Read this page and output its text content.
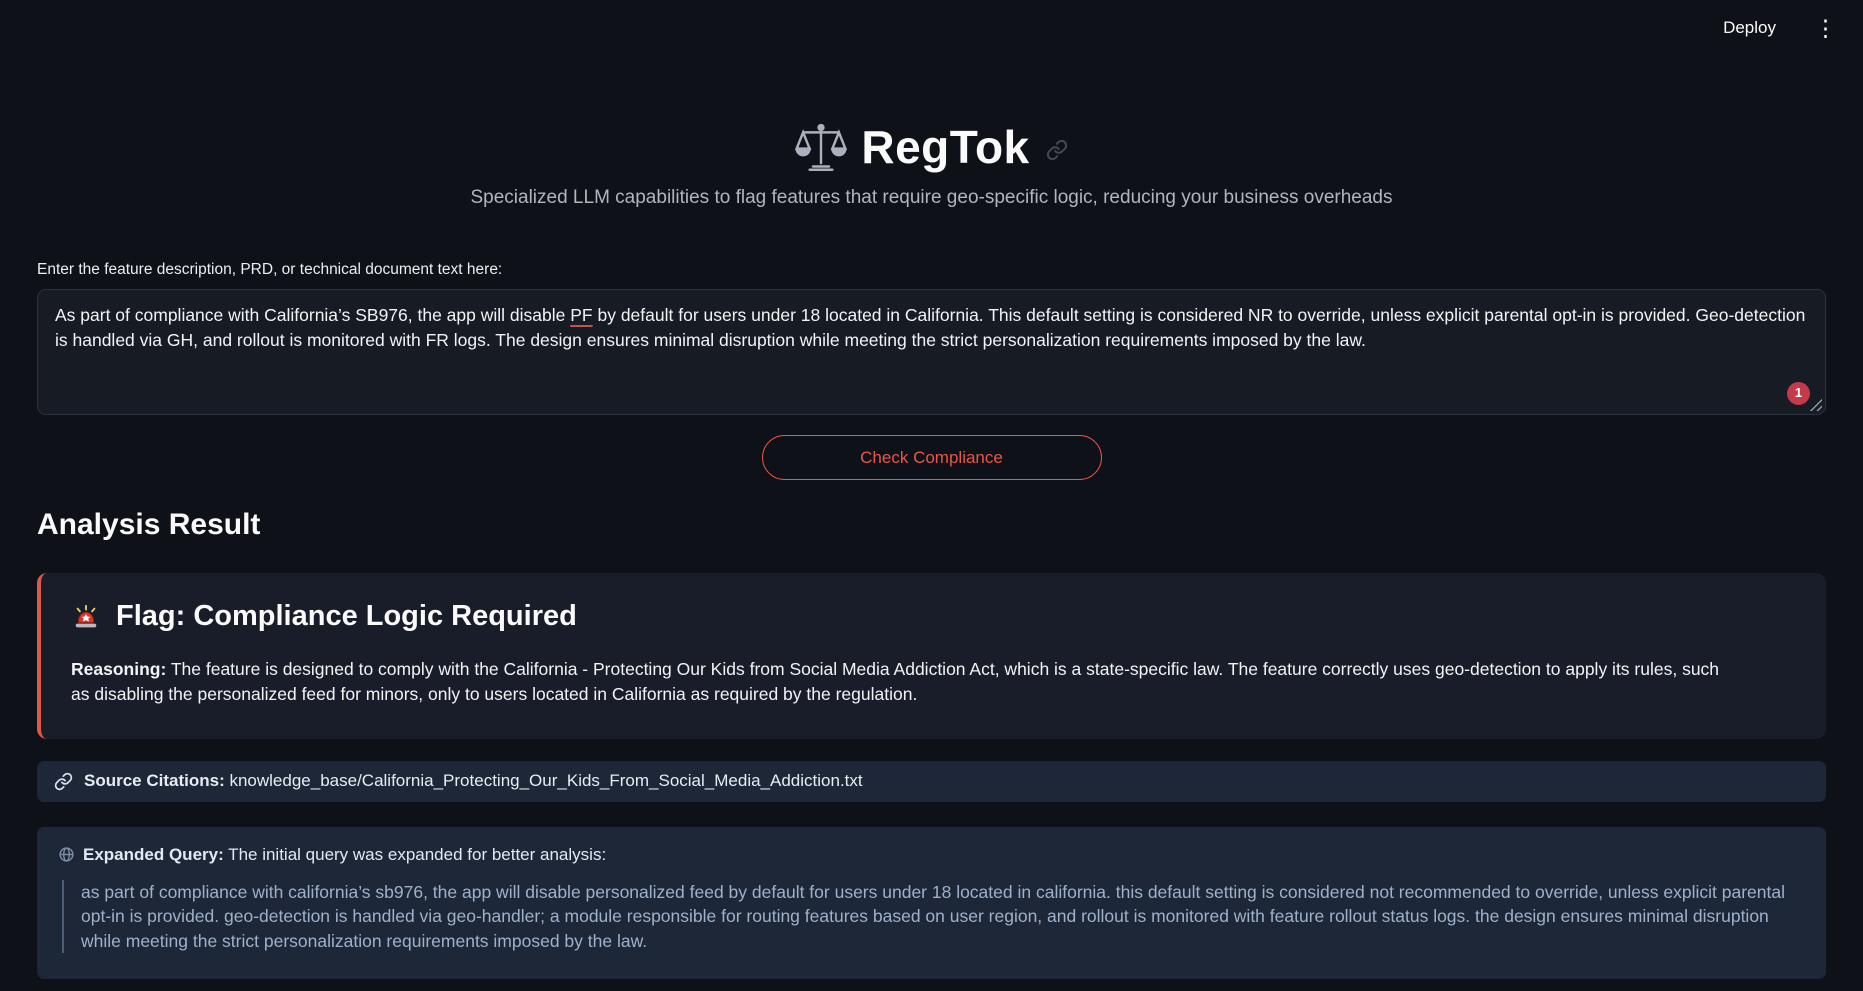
Deploy ⋮
RegTok
Specialized LLM capabilities to flag features that require geo-specific logic, reducing your business overheads
Enter the feature description, PRD, or technical document text here:
As part of compliance with California’s SB976, the app will disable PF by default for users under 18 located in California. This default setting is considered NR to override, unless explicit parental opt-in is provided. Geo-detection is handled via GH, and rollout is monitored with FR logs. The design ensures minimal disruption while meeting the strict personalization requirements imposed by the law.
1
Check Compliance
Analysis Result
Flag: Compliance Logic Required
Reasoning: The feature is designed to comply with the California - Protecting Our Kids from Social Media Addiction Act, which is a state-specific law. The feature correctly uses geo-detection to apply its rules, such as disabling the personalized feed for minors, only to users located in California as required by the regulation.
Source Citations: knowledge_base/California_Protecting_Our_Kids_From_Social_Media_Addiction.txt
Expanded Query: The initial query was expanded for better analysis:
as part of compliance with california’s sb976, the app will disable personalized feed by default for users under 18 located in california. this default setting is considered not recommended to override, unless explicit parental opt-in is provided. geo-detection is handled via geo-handler; a module responsible for routing features based on user region, and rollout is monitored with feature rollout status logs. the design ensures minimal disruption while meeting the strict personalization requirements imposed by the law.
